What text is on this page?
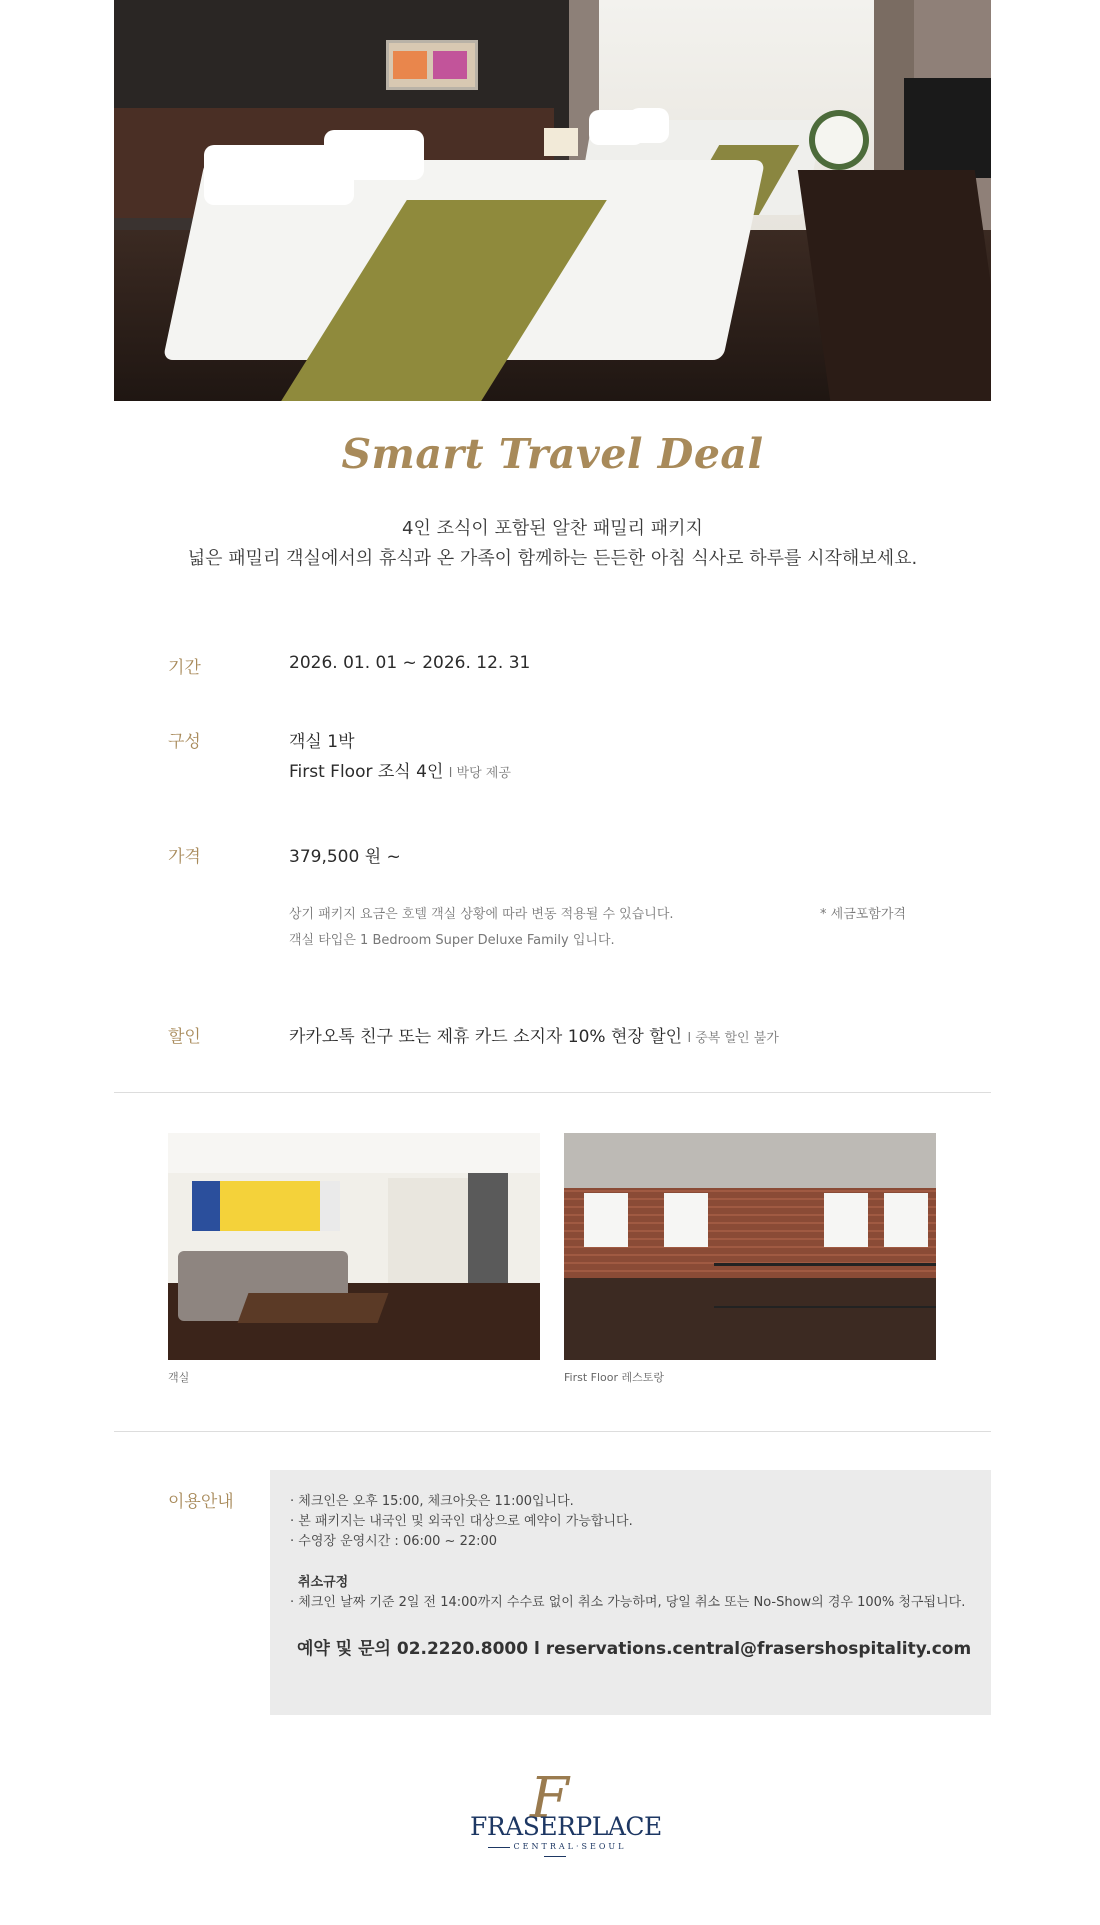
Smart Travel Deal
4인 조식이 포함된 알찬 패밀리 패키지
넓은 패밀리 객실에서의 휴식과 온 가족이 함께하는 든든한 아침 식사로 하루를 시작해보세요.
기간	2026. 01. 01 ~ 2026. 12. 31
구성	객실 1박
First Floor 조식 4인 l 박당 제공
가격	379,500 원 ~
상기 패키지 요금은 호텔 객실 상황에 따라 변동 적용될 수 있습니다.	* 세금포함가격
객실 타입은 1 Bedroom Super Deluxe Family 입니다.
할인	카카오톡 친구 또는 제휴 카드 소지자 10% 현장 할인 l 중복 할인 불가
객실	First Floor 레스토랑
이용안내	· 체크인은 오후 15:00, 체크아웃은 11:00입니다.
· 본 패키지는 내국인 및 외국인 대상으로 예약이 가능합니다.
· 수영장 운영시간 : 06:00 ~ 22:00
취소규정
· 체크인 날짜 기준 2일 전 14:00까지 수수료 없이 취소 가능하며, 당일 취소 또는 No-Show의 경우 100% 청구됩니다.
예약 및 문의 02.2220.8000 l reservations.central@frasershospitality.com
F
FRASERPLACE
CENTRAL·SEOUL
